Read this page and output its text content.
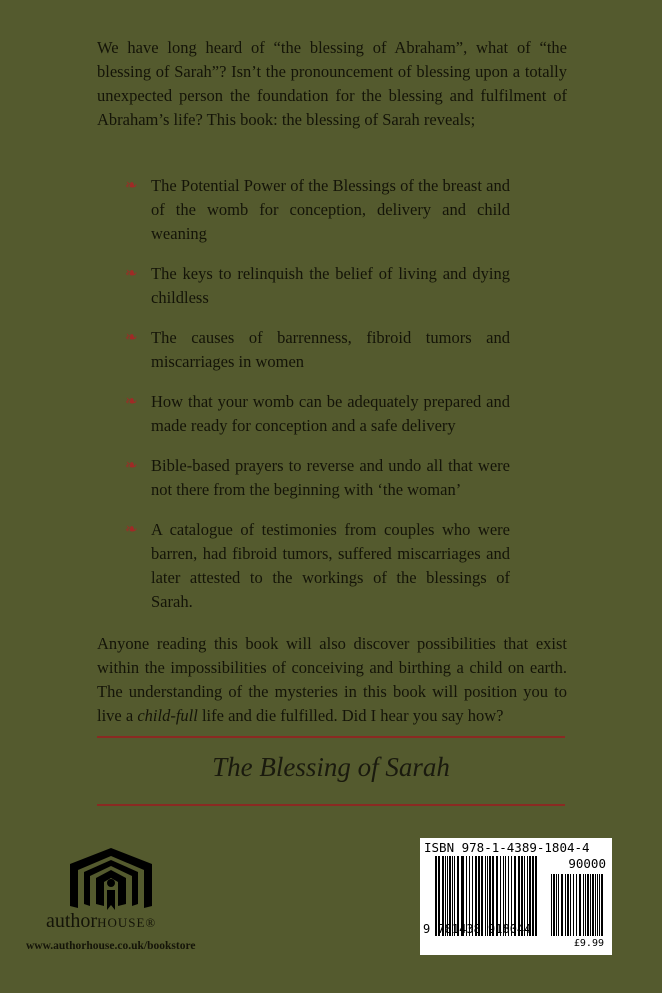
We have long heard of “the blessing of Abraham”, what of “the blessing of Sarah”? Isn’t the pronouncement of blessing upon a totally unexpected person the foundation for the blessing and fulfilment of Abraham’s life? This book: the blessing of Sarah reveals;

❧ The Potential Power of the Blessings of the breast and of the womb for conception, delivery and child weaning
❧ The keys to relinquish the belief of living and dying childless
❧ The causes of barrenness, fibroid tumors and miscarriages in women
❧ How that your womb can be adequately prepared and made ready for conception and a safe delivery
❧ Bible-based prayers to reverse and undo all that were not there from the beginning with ‘the woman’
❧ A catalogue of testimonies from couples who were barren, had fibroid tumors, suffered miscarriages and later attested to the workings of the blessings of Sarah.

Anyone reading this book will also discover possibilities that exist within the impossibilities of conceiving and birthing a child on earth. The understanding of the mysteries in this book will position you to live a child-full life and die fulfilled. Did I hear you say how?

The Blessing of Sarah
authorHOUSE®
www.authorhouse.co.uk/bookstore
ISBN 978-1-4389-1804-4
90000
9 781438 918044
£9.99
